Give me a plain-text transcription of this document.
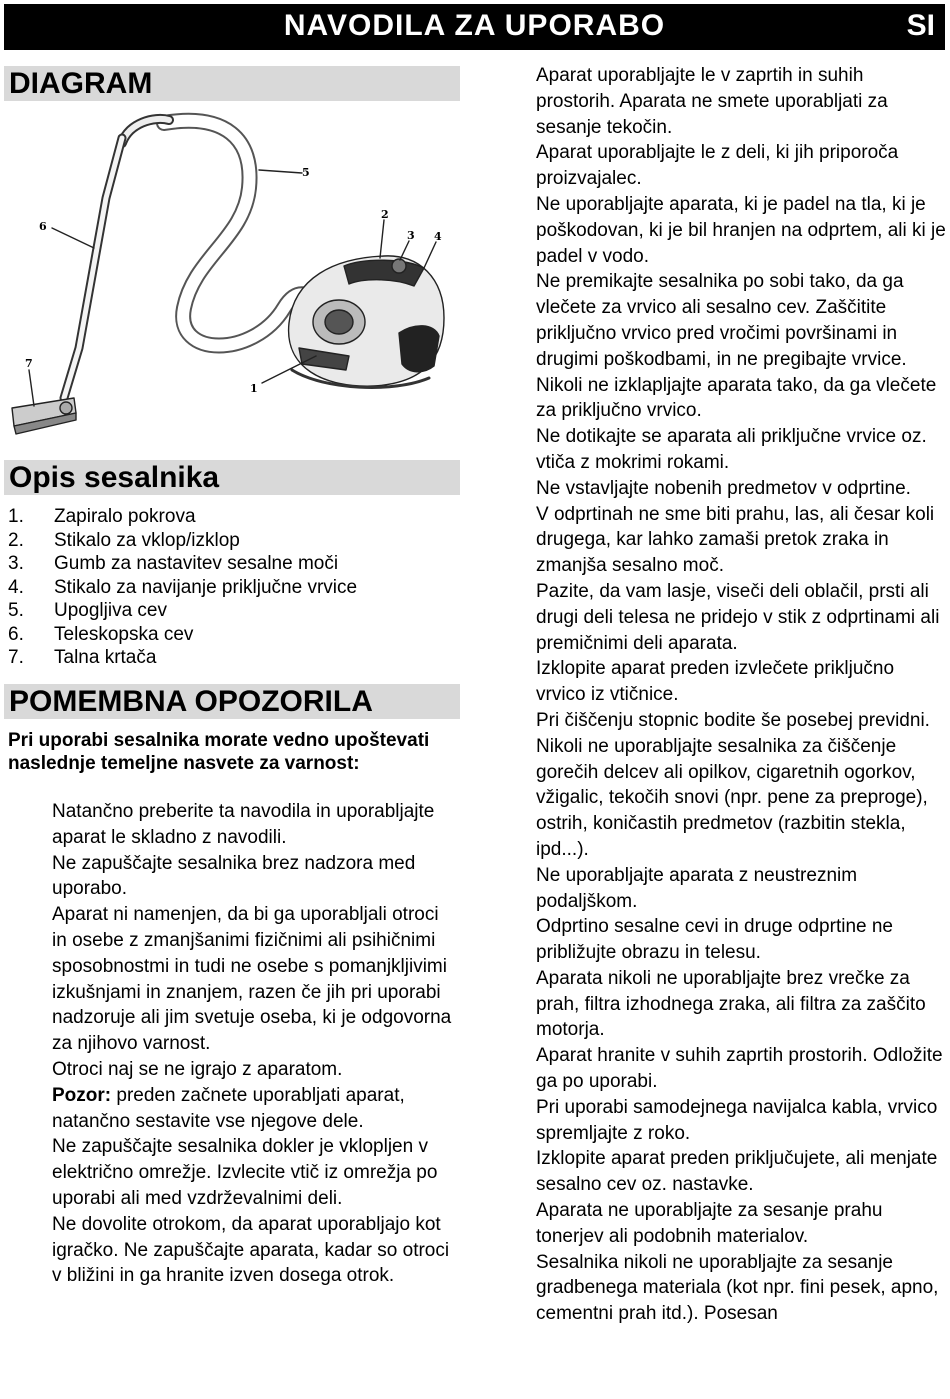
NAVODILA ZA UPORABO	SI
DIAGRAM
1
2
3 4
5
6
7
Opis sesalnika
1.	Zapiralo pokrova
2.	Stikalo za vklop/izklop
3.	Gumb za nastavitev sesalne moči
4.	Stikalo za navijanje priključne vrvice
5.	Upogljiva cev
6.	Teleskopska cev
7.	Talna krtača
POMEMBNA OPOZORILA

Pri uporabi sesalnika morate vedno upoštevati naslednje temeljne nasvete za varnost:

Natančno preberite ta navodila in uporabljajte aparat le skladno z navodili.
Ne zapuščajte sesalnika brez nadzora med uporabo.
Aparat ni namenjen, da bi ga uporabljali otroci in osebe z zmanjšanimi fizičnimi ali psihičnimi sposobnostmi in tudi ne osebe s pomanjkljivimi izkušnjami in znanjem, razen če jih pri uporabi nadzoruje ali jim svetuje oseba, ki je odgovorna za njihovo varnost.
Otroci naj se ne igrajo z aparatom.
Pozor: preden začnete uporabljati aparat, natančno sestavite vse njegove dele.
Ne zapuščajte sesalnika dokler je vklopljen v električno omrežje. Izvlecite vtič iz omrežja po uporabi ali med vzdrževalnimi deli.
Ne dovolite otrokom, da aparat uporabljajo kot igračko. Ne zapuščajte aparata, kadar so otroci v bližini in ga hranite izven dosega otrok.
Aparat uporabljajte le v zaprtih in suhih prostorih. Aparata ne smete uporabljati za sesanje tekočin.
Aparat uporabljajte le z deli, ki jih priporoča proizvajalec.
Ne uporabljajte aparata, ki je padel na tla, ki je poškodovan, ki je bil hranjen na odprtem, ali ki je padel v vodo.
Ne premikajte sesalnika po sobi tako, da ga vlečete za vrvico ali sesalno cev. Zaščitite priključno vrvico pred vročimi površinami in drugimi poškodbami, in ne pregibajte vrvice.
Nikoli ne izklapljajte aparata tako, da ga vlečete za priključno vrvico.
Ne dotikajte se aparata ali priključne vrvice oz. vtiča z mokrimi rokami.
Ne vstavljajte nobenih predmetov v odprtine.
V odprtinah ne sme biti prahu, las, ali česar koli drugega, kar lahko zamaši pretok zraka in zmanjša sesalno moč.
Pazite, da vam lasje, viseči deli oblačil, prsti ali drugi deli telesa ne pridejo v stik z odprtinami ali premičnimi deli aparata.
Izklopite aparat preden izvlečete priključno vrvico iz vtičnice.
Pri čiščenju stopnic bodite še posebej previdni.
Nikoli ne uporabljajte sesalnika za čiščenje gorečih delcev ali opilkov, cigaretnih ogorkov, vžigalic, tekočih snovi (npr. pene za preproge), ostrih, koničastih predmetov (razbitin stekla, ipd...).
Ne uporabljajte aparata z neustreznim podaljškom.
Odprtino sesalne cevi in druge odprtine ne približujte obrazu in telesu.
Aparata nikoli ne uporabljajte brez vrečke za prah, filtra izhodnega zraka, ali filtra za zaščito motorja.
Aparat hranite v suhih zaprtih prostorih. Odložite ga po uporabi.
Pri uporabi samodejnega navijalca kabla, vrvico spremljajte z roko.
Izklopite aparat preden priključujete, ali menjate sesalno cev oz. nastavke.
Aparata ne uporabljajte za sesanje prahu tonerjev ali podobnih materialov.
Sesalnika nikoli ne uporabljajte za sesanje gradbenega materiala (kot npr. fini pesek, apno, cementni prah itd.). Posesan
